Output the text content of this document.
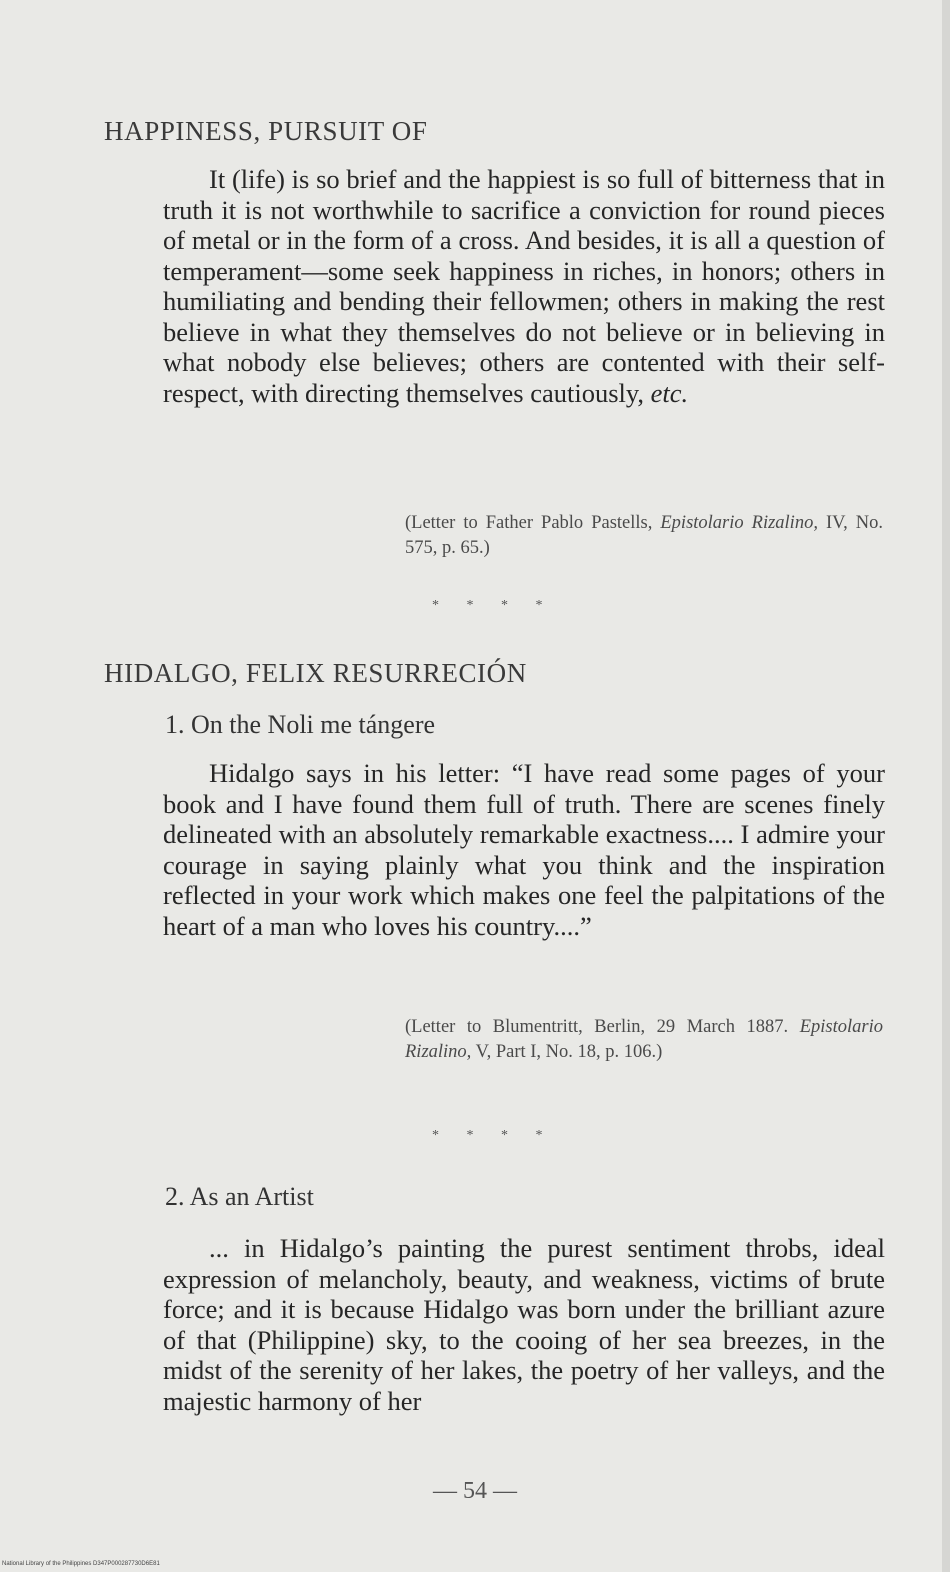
HAPPINESS, PURSUIT OF
It (life) is so brief and the happiest is so full of bitterness that in truth it is not worthwhile to sacrifice a conviction for round pieces of metal or in the form of a cross. And besides, it is all a question of temperament—some seek happiness in riches, in honors; others in humiliating and bending their fellowmen; others in making the rest believe in what they themselves do not believe or in believing in what nobody else believes; others are contented with their self-respect, with directing themselves cautiously, etc.
(Letter to Father Pablo Pastells, Epistolario Rizalino, IV, No. 575, p. 65.)
* * * *
HIDALGO, FELIX RESURRECIÓN
1. On the Noli me tángere
Hidalgo says in his letter: “I have read some pages of your book and I have found them full of truth. There are scenes finely delineated with an absolutely remarkable exactness.... I admire your courage in saying plainly what you think and the inspiration reflected in your work which makes one feel the palpitations of the heart of a man who loves his country....”
(Letter to Blumentritt, Berlin, 29 March 1887. Epistolario Rizalino, V, Part I, No. 18, p. 106.)
* * * *
2. As an Artist
... in Hidalgo’s painting the purest sentiment throbs, ideal expression of melancholy, beauty, and weakness, victims of brute force; and it is because Hidalgo was born under the brilliant azure of that (Philippine) sky, to the cooing of her sea breezes, in the midst of the serenity of her lakes, the poetry of her valleys, and the majestic harmony of her
— 54 —
National Library of the Philippines D347P000287730D6E81
